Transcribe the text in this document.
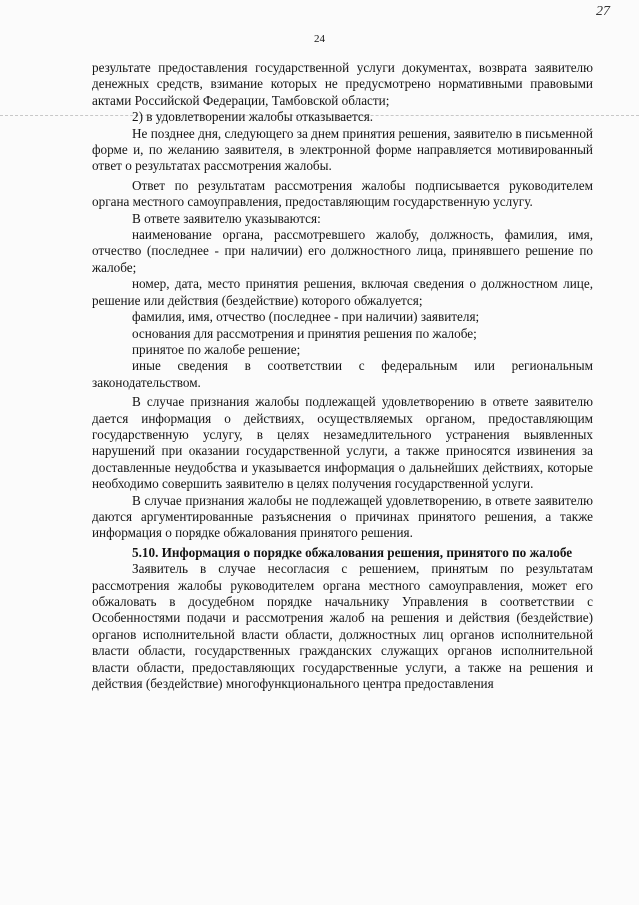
27
24

результате предоставления государственной услуги документах, возврата заявителю денежных средств, взимание которых не предусмотрено нормативными правовыми актами Российской Федерации, Тамбовской области;

2) в удовлетворении жалобы отказывается.

Не позднее дня, следующего за днем принятия решения, заявителю в письменной форме и, по желанию заявителя, в электронной форме направляется мотивированный ответ о результатах рассмотрения жалобы.

Ответ по результатам рассмотрения жалобы подписывается руководителем органа местного самоуправления, предоставляющим государственную услугу.

В ответе заявителю указываются:

наименование органа, рассмотревшего жалобу, должность, фамилия, имя, отчество (последнее - при наличии) его должностного лица, принявшего решение по жалобе;

номер, дата, место принятия решения, включая сведения о должностном лице, решение или действия (бездействие) которого обжалуется;

фамилия, имя, отчество (последнее - при наличии) заявителя;

основания для рассмотрения и принятия решения по жалобе;

принятое по жалобе решение;

иные сведения в соответствии с федеральным или региональным законодательством.

В случае признания жалобы подлежащей удовлетворению в ответе заявителю дается информация о действиях, осуществляемых органом, предоставляющим государственную услугу, в целях незамедлительного устранения выявленных нарушений при оказании государственной услуги, а также приносятся извинения за доставленные неудобства и указывается информация о дальнейших действиях, которые необходимо совершить заявителю в целях получения государственной услуги.

В случае признания жалобы не подлежащей удовлетворению, в ответе заявителю даются аргументированные разъяснения о причинах принятого решения, а также информация о порядке обжалования принятого решения.

5.10. Информация о порядке обжалования решения, принятого по жалобе

Заявитель в случае несогласия с решением, принятым по результатам рассмотрения жалобы руководителем органа местного самоуправления, может его обжаловать в досудебном порядке начальнику Управления в соответствии с Особенностями подачи и рассмотрения жалоб на решения и действия (бездействие) органов исполнительной власти области, должностных лиц органов исполнительной власти области, государственных гражданских служащих органов исполнительной власти области, предоставляющих государственные услуги, а также на решения и действия (бездействие) многофункционального центра предоставления
